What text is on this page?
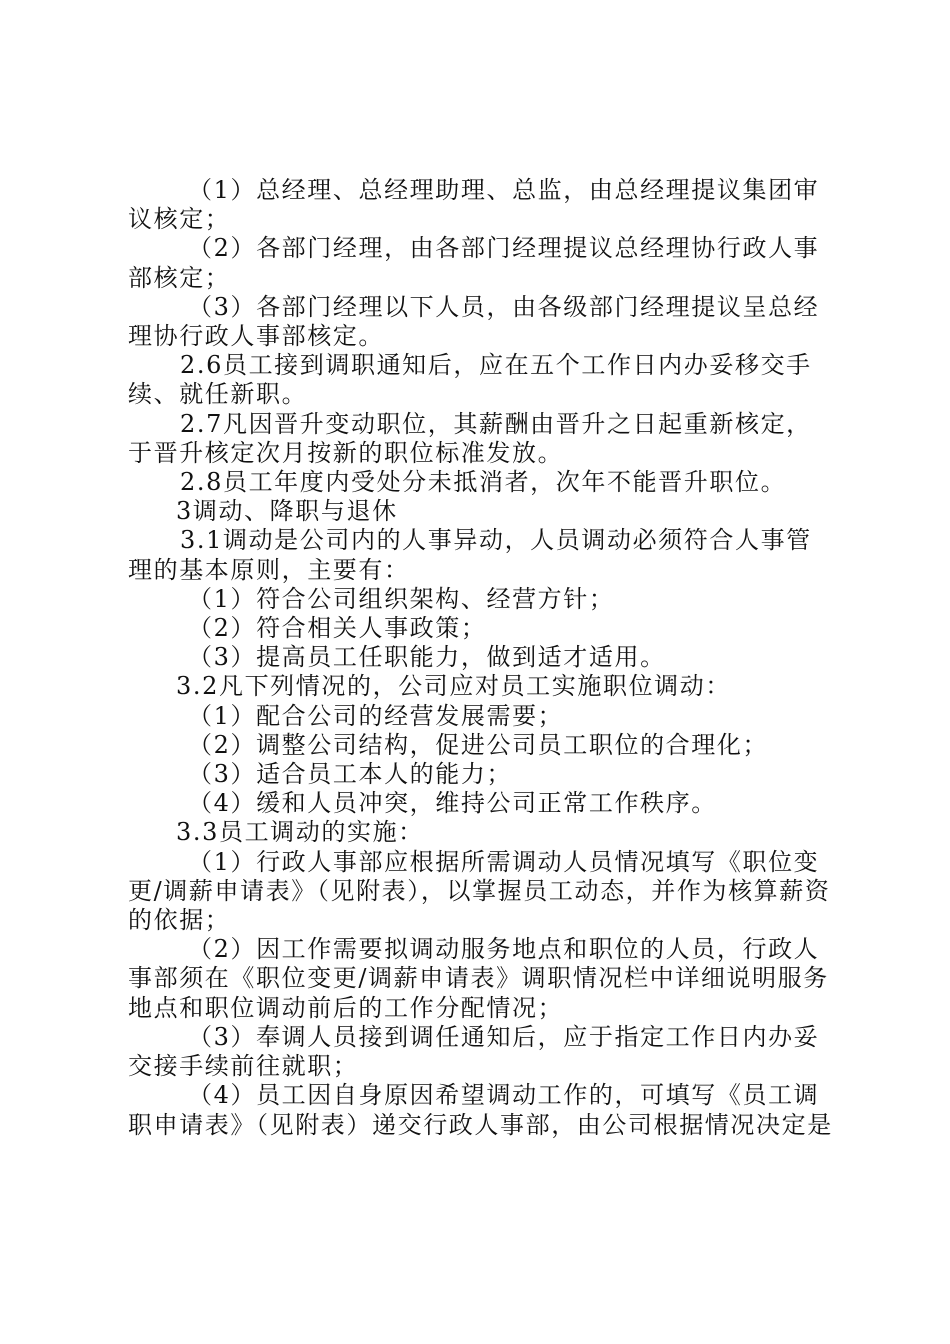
（1）总经理、总经理助理、总监，由总经理提议集团审议核定；

（2）各部门经理，由各部门经理提议总经理协行政人事部核定；

（3）各部门经理以下人员，由各级部门经理提议呈总经理协行政人事部核定。

2.6员工接到调职通知后，应在五个工作日内办妥移交手续、就任新职。

2.7凡因晋升变动职位，其薪酬由晋升之日起重新核定，于晋升核定次月按新的职位标准发放。

2.8员工年度内受处分未抵消者，次年不能晋升职位。

3调动、降职与退休

3.1调动是公司内的人事异动，人员调动必须符合人事管理的基本原则，主要有：

（1）符合公司组织架构、经营方针；

（2）符合相关人事政策；

（3）提高员工任职能力，做到适才适用。

3.2凡下列情况的，公司应对员工实施职位调动：

（1）配合公司的经营发展需要；

（2）调整公司结构，促进公司员工职位的合理化；

（3）适合员工本人的能力；

（4）缓和人员冲突，维持公司正常工作秩序。

3.3员工调动的实施：

（1）行政人事部应根据所需调动人员情况填写《职位变更/调薪申请表》（见附表），以掌握员工动态，并作为核算薪资的依据；

（2）因工作需要拟调动服务地点和职位的人员，行政人事部须在《职位变更/调薪申请表》调职情况栏中详细说明服务地点和职位调动前后的工作分配情况；

（3）奉调人员接到调任通知后，应于指定工作日内办妥交接手续前往就职；

（4）员工因自身原因希望调动工作的，可填写《员工调职申请表》（见附表）递交行政人事部，由公司根据情况决定是
